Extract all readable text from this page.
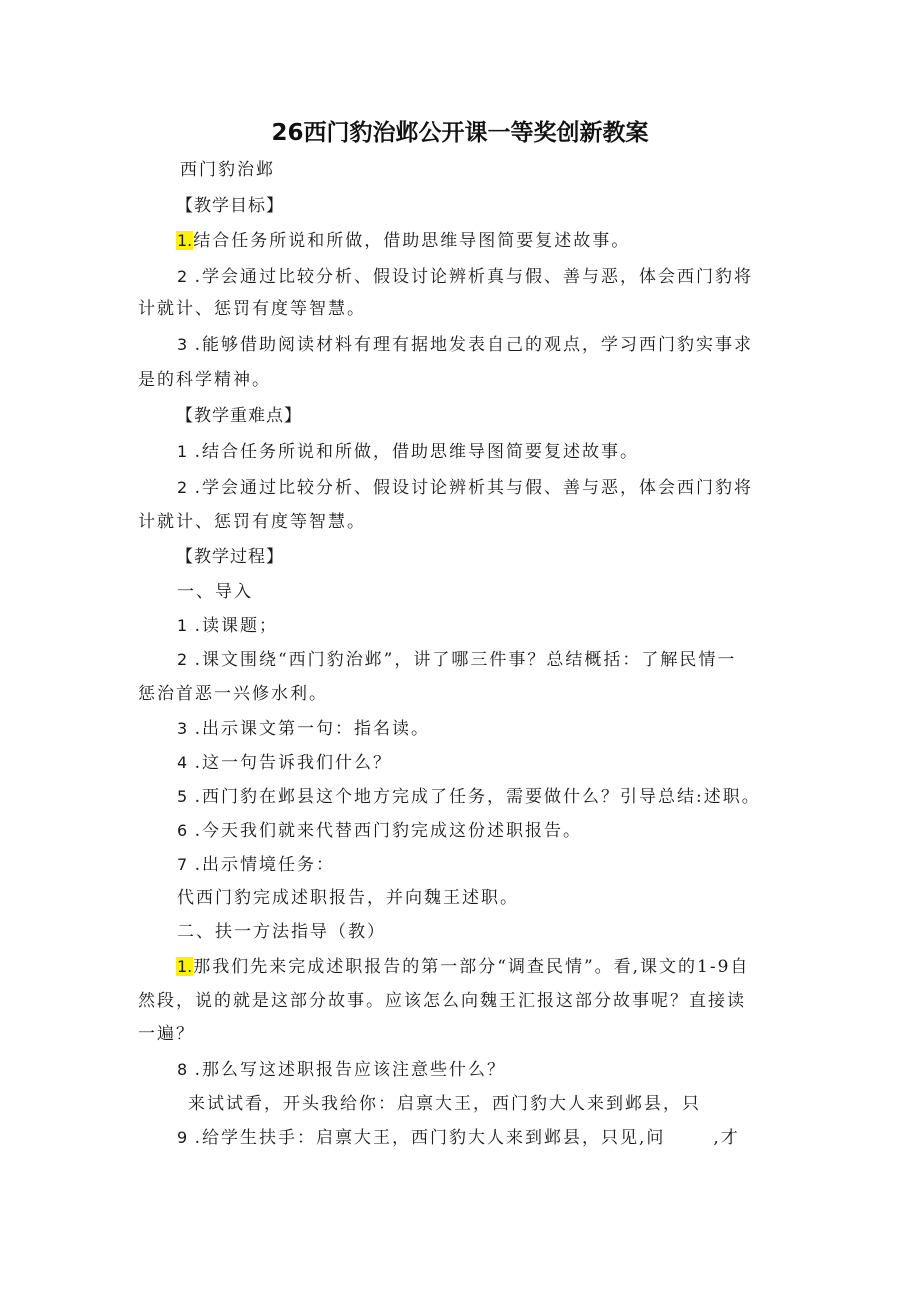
26西门豹治邺公开课一等奖创新教案
西门豹治邺
【教学目标】
1.结合任务所说和所做，借助思维导图简要复述故事。
2 .学会通过比较分析、假设讨论辨析真与假、善与恶，体会西门豹将
计就计、惩罚有度等智慧。
3 .能够借助阅读材料有理有据地发表自己的观点，学习西门豹实事求
是的科学精神。
【教学重难点】
1 .结合任务所说和所做，借助思维导图简要复述故事。
2 .学会通过比较分析、假设讨论辨析其与假、善与恶，体会西门豹将
计就计、惩罚有度等智慧。
【教学过程】
一、导入
1 .读课题；
2 .课文围绕“西门豹治邺”，讲了哪三件事？总结概括：了解民情一
惩治首恶一兴修水利。
3 .出示课文第一句：指名读。
4 .这一句告诉我们什么？
5 .西门豹在邺县这个地方完成了任务，需要做什么？引导总结:述职。
6 .今天我们就来代替西门豹完成这份述职报告。
7 .出示情境任务：
代西门豹完成述职报告，并向魏王述职。
二、扶一方法指导（教）
1.那我们先来完成述职报告的第一部分“调查民情”。看,课文的1-9自
然段，说的就是这部分故事。应该怎么向魏王汇报这部分故事呢？直接读
一遍？
8 .那么写这述职报告应该注意些什么？
来试试看，开头我给你：启禀大王，西门豹大人来到邺县，只
9 .给学生扶手：启禀大王，西门豹大人来到邺县，只见,问	,才
